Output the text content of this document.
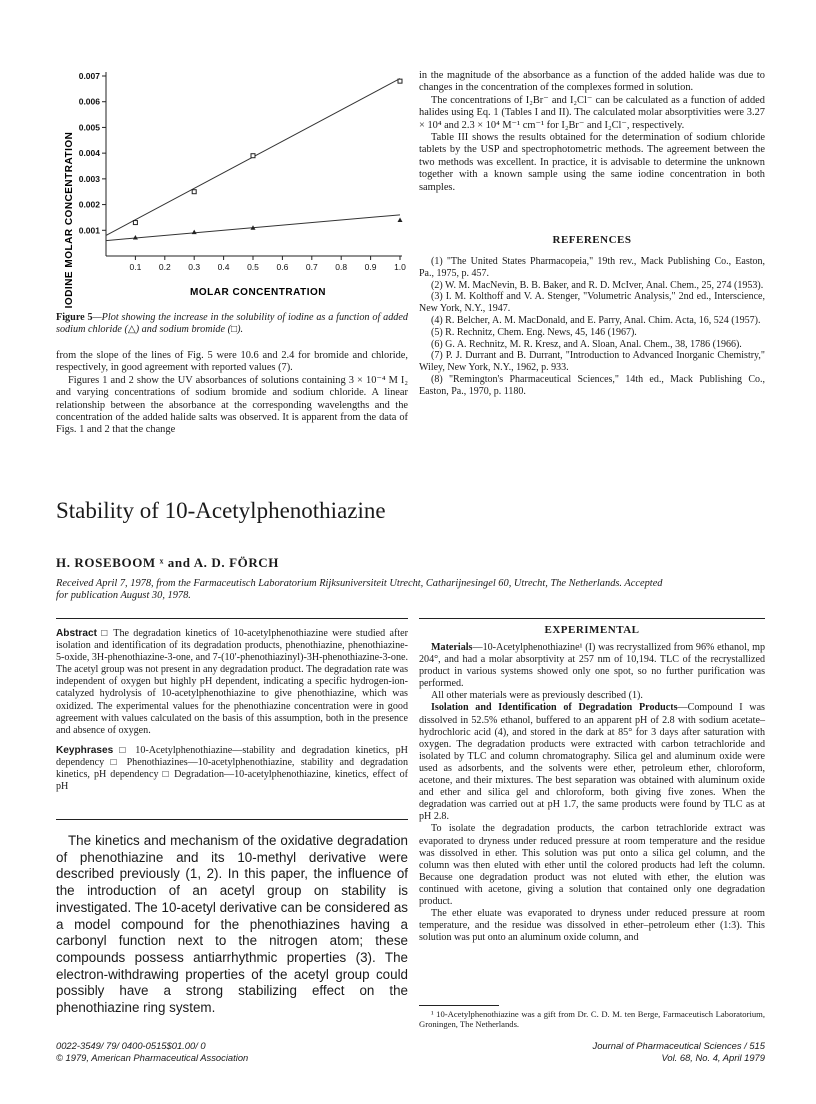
0.001
0.002
0.003
0.004
0.005
0.006
0.007
0.1 0.2 0.3 0.4 0.5 0.6 0.7 0.8 0.9 1.0
IODINE MOLAR CONCENTRATION	MOLAR CONCENTRATION
Figure 5—Plot showing the increase in the solubility of iodine as a function of added sodium chloride (△) and sodium bromide (□).

from the slope of the lines of Fig. 5 were 10.6 and 2.4 for bromide and chloride, respectively, in good agreement with reported values (7).

Figures 1 and 2 show the UV absorbances of solutions containing 3 × 10⁻⁴ M I₂ and varying concentrations of sodium bromide and sodium chloride. A linear relationship between the absorbance at the corresponding wavelengths and the concentration of the added halide salts was observed. It is apparent from the data of Figs. 1 and 2 that the change

in the magnitude of the absorbance as a function of the added halide was due to changes in the concentration of the complexes formed in solution.

The concentrations of I₂Br⁻ and I₂Cl⁻ can be calculated as a function of added halides using Eq. 1 (Tables I and II). The calculated molar absorptivities were 3.27 × 10⁴ and 2.3 × 10⁴ M⁻¹ cm⁻¹ for I₂Br⁻ and I₂Cl⁻, respectively.

Table III shows the results obtained for the determination of sodium chloride tablets by the USP and spectrophotometric methods. The agreement between the two methods was excellent. In practice, it is advisable to determine the unknown together with a known sample using the same iodine concentration in both samples.

REFERENCES

(1) "The United States Pharmacopeia," 19th rev., Mack Publishing Co., Easton, Pa., 1975, p. 457.

(2) W. M. MacNevin, B. B. Baker, and R. D. McIver, Anal. Chem., 25, 274 (1953).

(3) I. M. Kolthoff and V. A. Stenger, "Volumetric Analysis," 2nd ed., Interscience, New York, N.Y., 1947.

(4) R. Belcher, A. M. MacDonald, and E. Parry, Anal. Chim. Acta, 16, 524 (1957).

(5) R. Rechnitz, Chem. Eng. News, 45, 146 (1967).

(6) G. A. Rechnitz, M. R. Kresz, and A. Sloan, Anal. Chem., 38, 1786 (1966).

(7) P. J. Durrant and B. Durrant, "Introduction to Advanced Inorganic Chemistry," Wiley, New York, N.Y., 1962, p. 933.

(8) "Remington's Pharmaceutical Sciences," 14th ed., Mack Publishing Co., Easton, Pa., 1970, p. 1180.

Stability of 10-Acetylphenothiazine
H. ROSEBOOM ˣ and A. D. FÖRCH
Received April 7, 1978, from the Farmaceutisch Laboratorium Rijksuniversiteit Utrecht, Catharijnesingel 60, Utrecht, The Netherlands. Accepted for publication August 30, 1978.

Abstract □ The degradation kinetics of 10-acetylphenothiazine were studied after isolation and identification of its degradation products, phenothiazine, phenothiazine-5-oxide, 3H-phenothiazine-3-one, and 7-(10′-phenothiazinyl)-3H-phenothiazine-3-one. The acetyl group was not present in any degradation product. The degradation rate was independent of oxygen but highly pH dependent, indicating a specific hydrogen-ion-catalyzed hydrolysis of 10-acetylphenothiazine to give phenothiazine, which was oxidized. The experimental values for the phenothiazine concentration were in good agreement with values calculated on the basis of this assumption, both in the presence and absence of oxygen.

Keyphrases □ 10-Acetylphenothiazine—stability and degradation kinetics, pH dependency □ Phenothiazines—10-acetylphenothiazine, stability and degradation kinetics, pH dependency □ Degradation—10-acetylphenothiazine, kinetics, effect of pH

The kinetics and mechanism of the oxidative degradation of phenothiazine and its 10-methyl derivative were described previously (1, 2). In this paper, the influence of the introduction of an acetyl group on stability is investigated. The 10-acetyl derivative can be considered as a model compound for the phenothiazines having a carbonyl function next to the nitrogen atom; these compounds possess antiarrhythmic properties (3). The electron-withdrawing properties of the acetyl group could possibly have a strong stabilizing effect on the phenothiazine ring system.

EXPERIMENTAL

Materials—10-Acetylphenothiazine¹ (I) was recrystallized from 96% ethanol, mp 204°, and had a molar absorptivity at 257 nm of 10,194. TLC of the recrystallized product in various systems showed only one spot, so no further purification was performed.

All other materials were as previously described (1).

Isolation and Identification of Degradation Products—Compound I was dissolved in 52.5% ethanol, buffered to an apparent pH of 2.8 with sodium acetate–hydrochloric acid (4), and stored in the dark at 85° for 3 days after saturation with oxygen. The degradation products were extracted with carbon tetrachloride and isolated by TLC and column chromatography. Silica gel and aluminum oxide were used as adsorbents, and the solvents were ether, petroleum ether, chloroform, acetone, and their mixtures. The best separation was obtained with aluminum oxide and ether and silica gel and chloroform, both giving five zones. When the degradation was carried out at pH 1.7, the same products were found by TLC as at pH 2.8.

To isolate the degradation products, the carbon tetrachloride extract was evaporated to dryness under reduced pressure at room temperature and the residue was dissolved in ether. This solution was put onto a silica gel column, and the column was then eluted with ether until the colored products had left the column. Because one degradation product was not eluted with ether, the elution was continued with acetone, giving a solution that contained only one degradation product.

The ether eluate was evaporated to dryness under reduced pressure at room temperature, and the residue was dissolved in ether–petroleum ether (1:3). This solution was put onto an aluminum oxide column, and

¹ 10-Acetylphenothiazine was a gift from Dr. C. D. M. ten Berge, Farmaceutisch Laboratorium, Groningen, The Netherlands.

0022-3549/ 79/ 0400-0515$01.00/ 0
© 1979, American Pharmaceutical Association
Journal of Pharmaceutical Sciences / 515
Vol. 68, No. 4, April 1979
